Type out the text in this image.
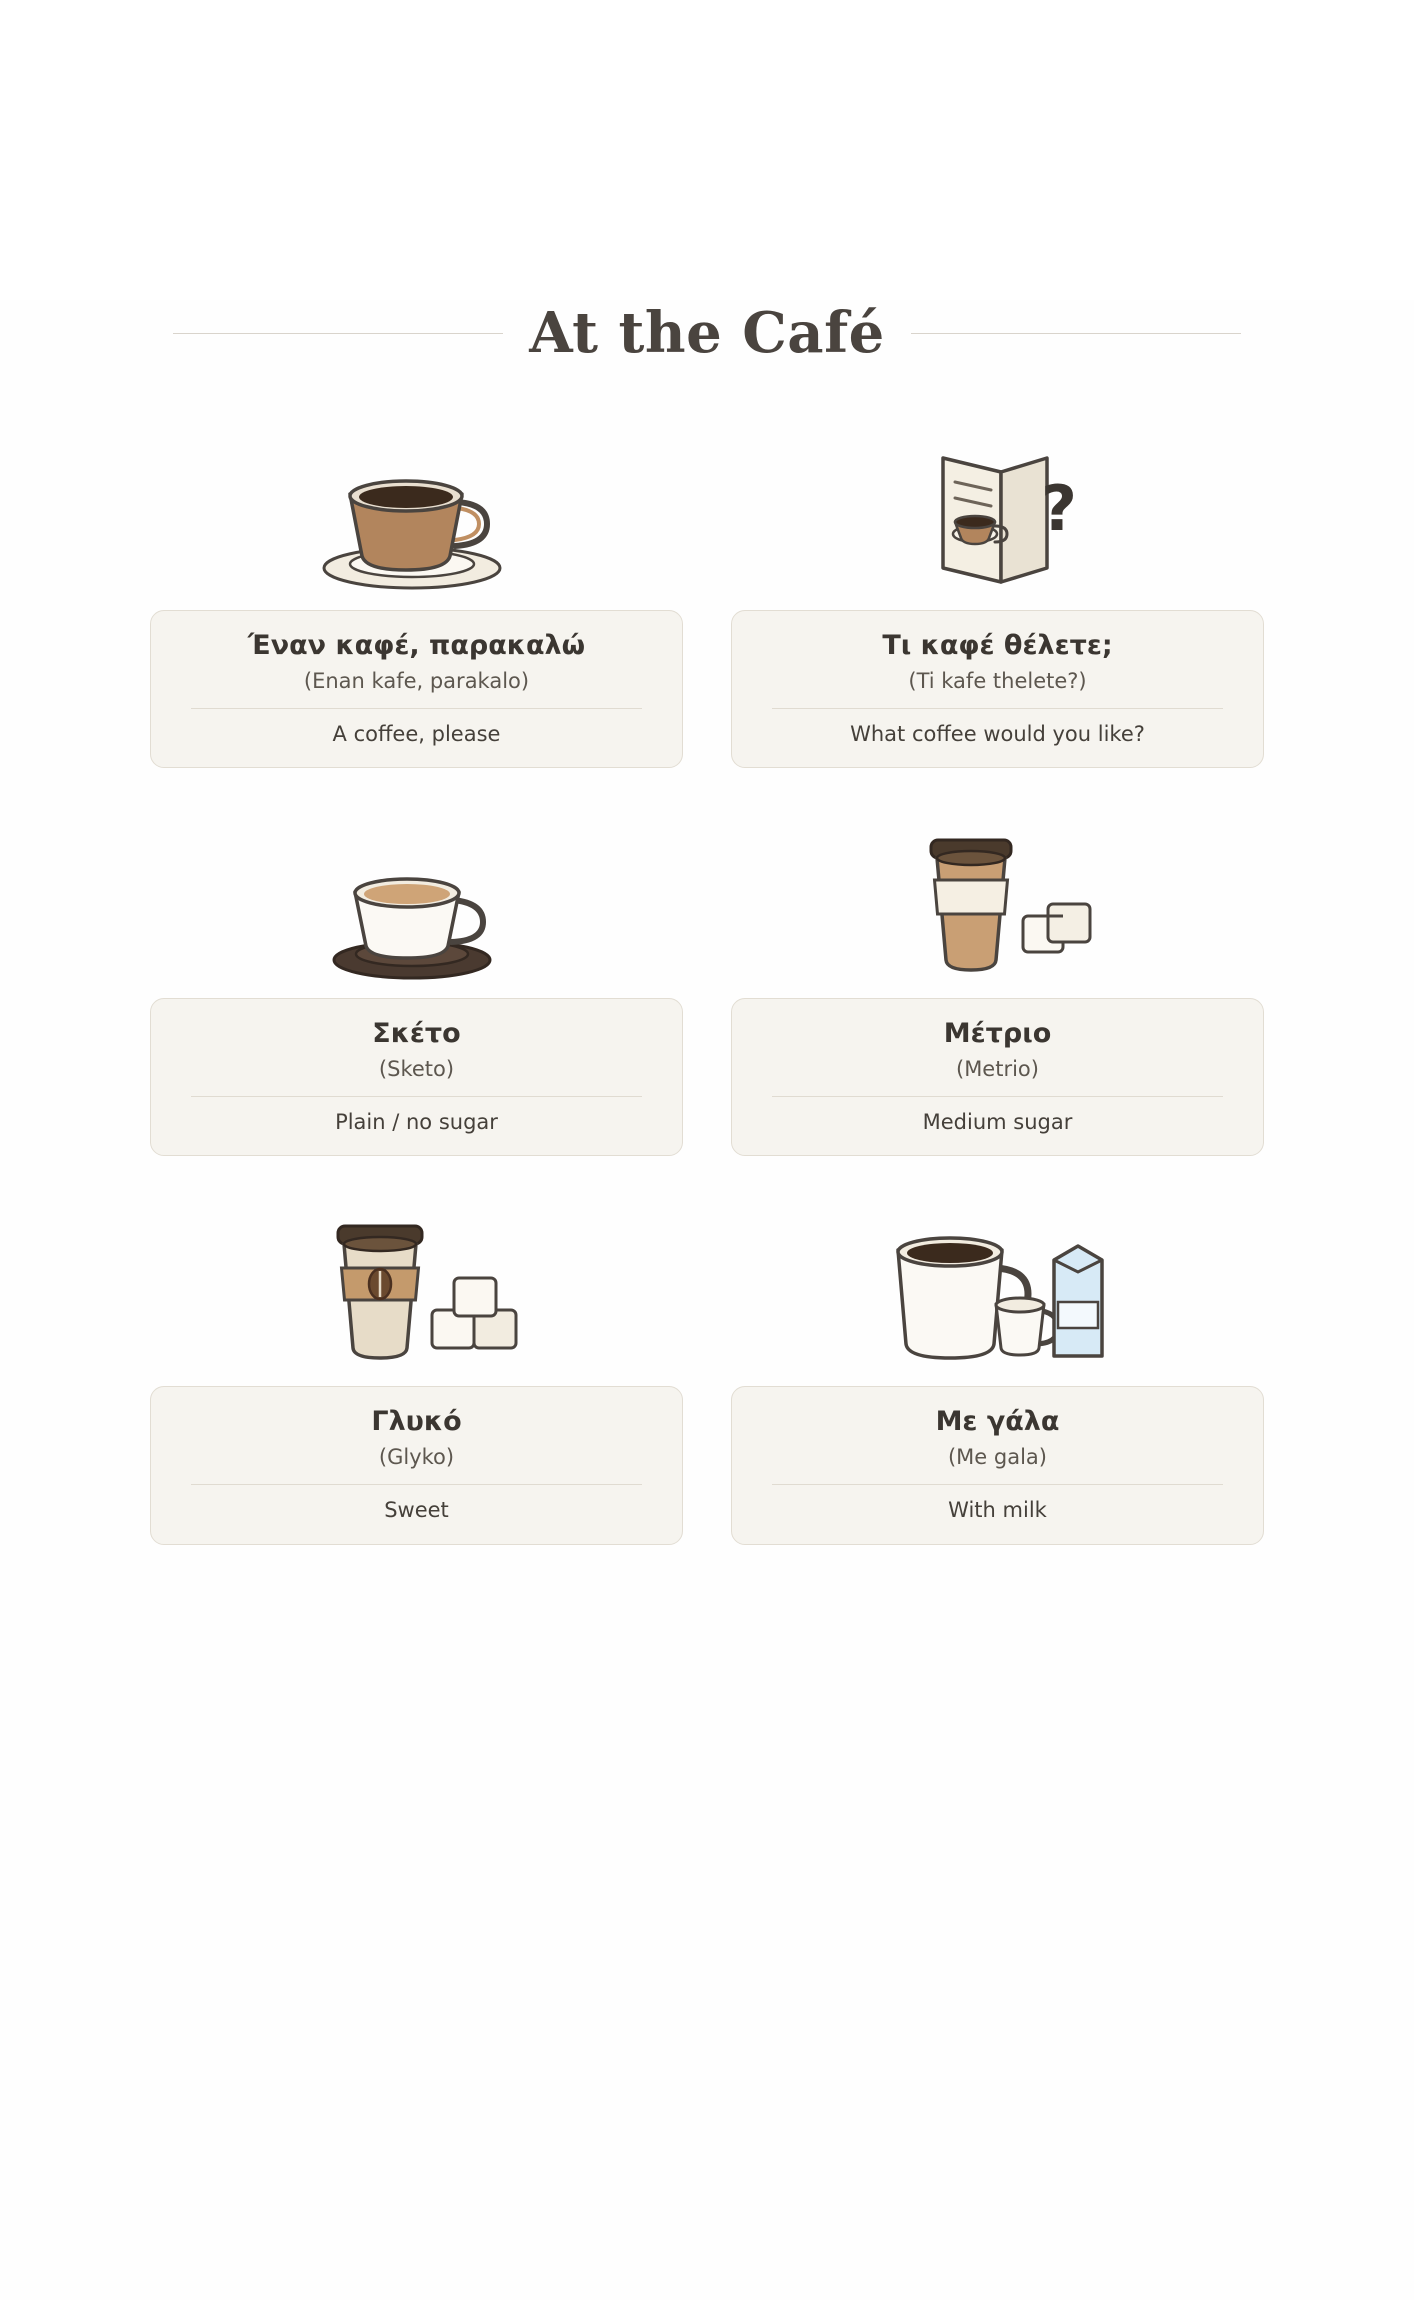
At the Café
Έναν καφέ, παρακαλώ
(Enan kafe, parakalo)
A coffee, please
?
Τι καφέ θέλετε;
(Ti kafe thelete?)
What coffee would you like?
Σκέτο
(Sketo)
Plain / no sugar
Μέτριο
(Metrio)
Medium sugar
Γλυκό
(Glyko)
Sweet
Με γάλα
(Me gala)
With milk
